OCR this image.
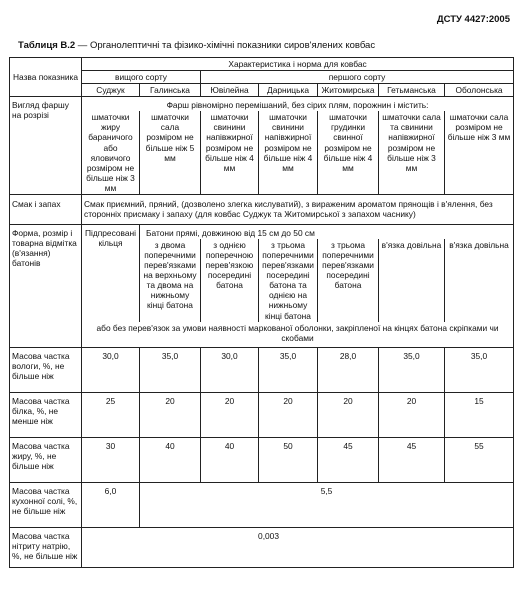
ДСТУ 4427:2005
Таблиця В.2 — Органолептичні та фізико-хімічні показники сиров'ялених ковбас
Назва показника	Характеристика і норма для ковбас						
	вищого сорту		першого сорту				
	Суджук	Галинська	Ювілейна	Дарницька	Житомирська	Гетьманська	Оболонська
Вигляд фаршу на розрізі	Фарш рівномірно перемішаний, без сірих плям, порожнин і містить:						
	шматочки жиру бараничого або яловичого розміром не більше ніж 3 мм	шматочки сала розміром не більше ніж 5 мм	шматочки свинини напівжирної розміром не більше ніж 4 мм	шматочки свинини напівжирної розміром не більше ніж 4 мм	шматочки грудинки свинної розміром не більше ніж 4 мм	шматочки сала та свинини напівжирної розміром не більше ніж 3 мм	шматочки сала розміром не більше ніж 3 мм
Смак і запах	Смак приємний, пряний, (дозволено злегка кислуватий), з вираженим ароматом прянощів і в'ялення, без сторонніх присмаку і запаху (для ковбас Суджук та Житомирської з запахом часнику)						
Форма, розмір і товарна відмітка (в'язання) батонів	Підпресовані кільця	Батони прямі, довжиною від 15 см до 50 см					
		з двома поперечними перев'язками на верхньому та двома на нижньому кінці батона	з однією поперечною перев'язкою посередині батона	з трьома поперечними перев'язками посередині батона та однією на нижньому кінці батона	з трьома поперечними перев'язками посередині батона	в'язка довільна	в'язка довільна
	або без перев'язок за умови наявності маркованої оболонки, закріпленої на кінцях батона скріпками чи скобами						
Масова частка вологи, %, не більше ніж	30,0	35,0	30,0	35,0	28,0	35,0	35,0
Масова частка білка, %, не менше ніж	25	20	20	20	20	20	15
Масова частка жиру, %, не більше ніж	30	40	40	50	45	45	55
Масова частка кухонної солі, %, не більше ніж	6,0	5,5					
Масова частка нітриту натрію, %, не більше ніж	0,003						
